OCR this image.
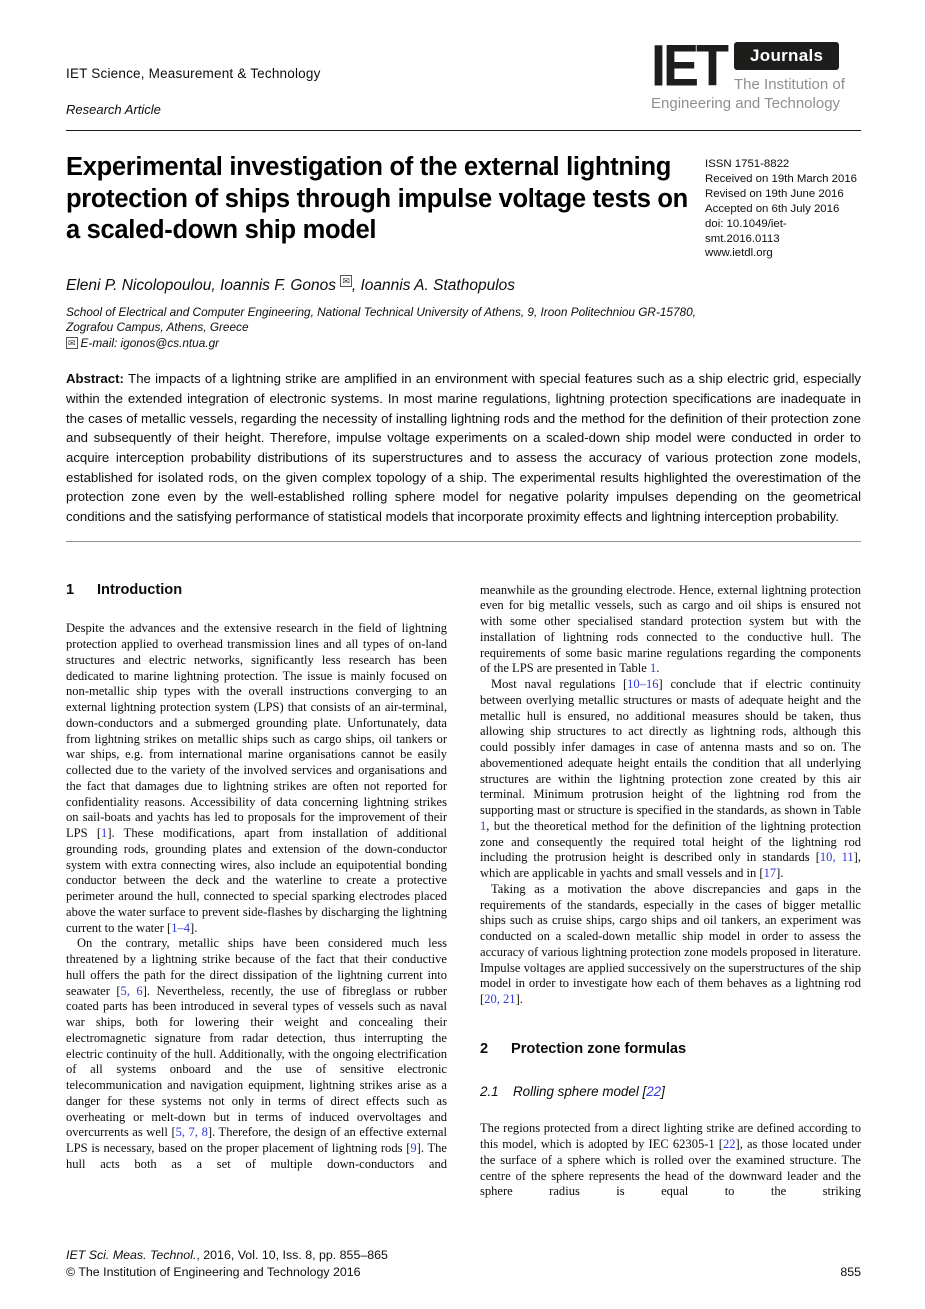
IET Science, Measurement & Technology
Research Article
IET	Journals
The Institution of
Engineering and Technology
Experimental investigation of the external lightning protection of ships through impulse voltage tests on a scaled-down ship model
ISSN 1751-8822
Received on 19th March 2016
Revised on 19th June 2016
Accepted on 6th July 2016
doi: 10.1049/iet-smt.2016.0113
www.ietdl.org
Eleni P. Nicolopoulou, Ioannis F. Gonos ✉ , Ioannis A. Stathopulos
School of Electrical and Computer Engineering, National Technical University of Athens, 9, Iroon Politechniou GR-15780,
Zografou Campus, Athens, Greece
✉ E-mail: igonos@cs.ntua.gr
Abstract: The impacts of a lightning strike are amplified in an environment with special features such as a ship electric grid, especially within the extended integration of electronic systems. In most marine regulations, lightning protection specifications are inadequate in the cases of metallic vessels, regarding the necessity of installing lightning rods and the method for the definition of their protection zone and subsequently of their height. Therefore, impulse voltage experiments on a scaled-down ship model were conducted in order to acquire interception probability distributions of its superstructures and to assess the accuracy of various protection zone models, established for isolated rods, on the given complex topology of a ship. The experimental results highlighted the overestimation of the protection zone even by the well-established rolling sphere model for negative polarity impulses depending on the geometrical conditions and the satisfying performance of statistical models that incorporate proximity effects and lightning interception probability.
1 Introduction

Despite the advances and the extensive research in the field of lightning protection applied to overhead transmission lines and all types of on-land structures and electric networks, significantly less research has been dedicated to marine lightning protection. The issue is mainly focused on non-metallic ship types with the overall instructions converging to an external lightning protection system (LPS) that consists of an air-terminal, down-conductors and a submerged grounding plate. Unfortunately, data from lightning strikes on metallic ships such as cargo ships, oil tankers or war ships, e.g. from international marine organisations cannot be easily collected due to the variety of the involved services and organisations and the fact that damages due to lightning strikes are often not reported for confidentiality reasons. Accessibility of data concerning lightning strikes on sail-boats and yachts has led to proposals for the improvement of their LPS [1]. These modifications, apart from installation of additional grounding rods, grounding plates and extension of the down-conductor system with extra connecting wires, also include an equipotential bonding conductor between the deck and the waterline to create a protective perimeter around the hull, connected to special sparking electrodes placed above the water surface to prevent side-flashes by discharging the lightning current to the water [1–4].

On the contrary, metallic ships have been considered much less threatened by a lightning strike because of the fact that their conductive hull offers the path for the direct dissipation of the lightning current into seawater [5, 6]. Nevertheless, recently, the use of fibreglass or rubber coated parts has been introduced in several types of vessels such as naval war ships, both for lowering their weight and concealing their electromagnetic signature from radar detection, thus interrupting the electric continuity of the hull. Additionally, with the ongoing electrification of all systems onboard and the use of sensitive electronic telecommunication and navigation equipment, lightning strikes arise as a danger for these systems not only in terms of direct effects such as overheating or melt-down but in terms of induced overvoltages and overcurrents as well [5, 7, 8]. Therefore, the design of an effective external LPS is necessary, based on the proper placement of lightning rods [9]. The hull acts both as a set of multiple down-conductors and

meanwhile as the grounding electrode. Hence, external lightning protection even for big metallic vessels, such as cargo and oil ships is ensured not with some other specialised standard protection system but with the installation of lightning rods connected to the conductive hull. The requirements of some basic marine regulations regarding the components of the LPS are presented in Table 1.

Most naval regulations [10–16] conclude that if electric continuity between overlying metallic structures or masts of adequate height and the metallic hull is ensured, no additional measures should be taken, thus allowing ship structures to act directly as lightning rods, although this could possibly infer damages in case of antenna masts and so on. The abovementioned adequate height entails the condition that all underlying structures are within the lightning protection zone created by this air terminal. Minimum protrusion height of the lightning rod from the supporting mast or structure is specified in the standards, as shown in Table 1, but the theoretical method for the definition of the lightning protection zone and consequently the required total height of the lightning rod including the protrusion height is described only in standards [10, 11], which are applicable in yachts and small vessels and in [17].

Taking as a motivation the above discrepancies and gaps in the requirements of the standards, especially in the cases of bigger metallic ships such as cruise ships, cargo ships and oil tankers, an experiment was conducted on a scaled-down metallic ship model in order to assess the accuracy of various lightning protection zone models proposed in literature. Impulse voltages are applied successively on the superstructures of the ship model in order to investigate how each of them behaves as a lightning rod [20, 21].

2 Protection zone formulas
2.1 Rolling sphere model [22]

The regions protected from a direct lighting strike are defined according to this model, which is adopted by IEC 62305-1 [22], as those located under the surface of a sphere which is rolled over the examined structure. The centre of the sphere represents the head of the downward leader and the sphere radius is equal to the striking

IET Sci. Meas. Technol., 2016, Vol. 10, Iss. 8, pp. 855–865
© The Institution of Engineering and Technology 2016	855
